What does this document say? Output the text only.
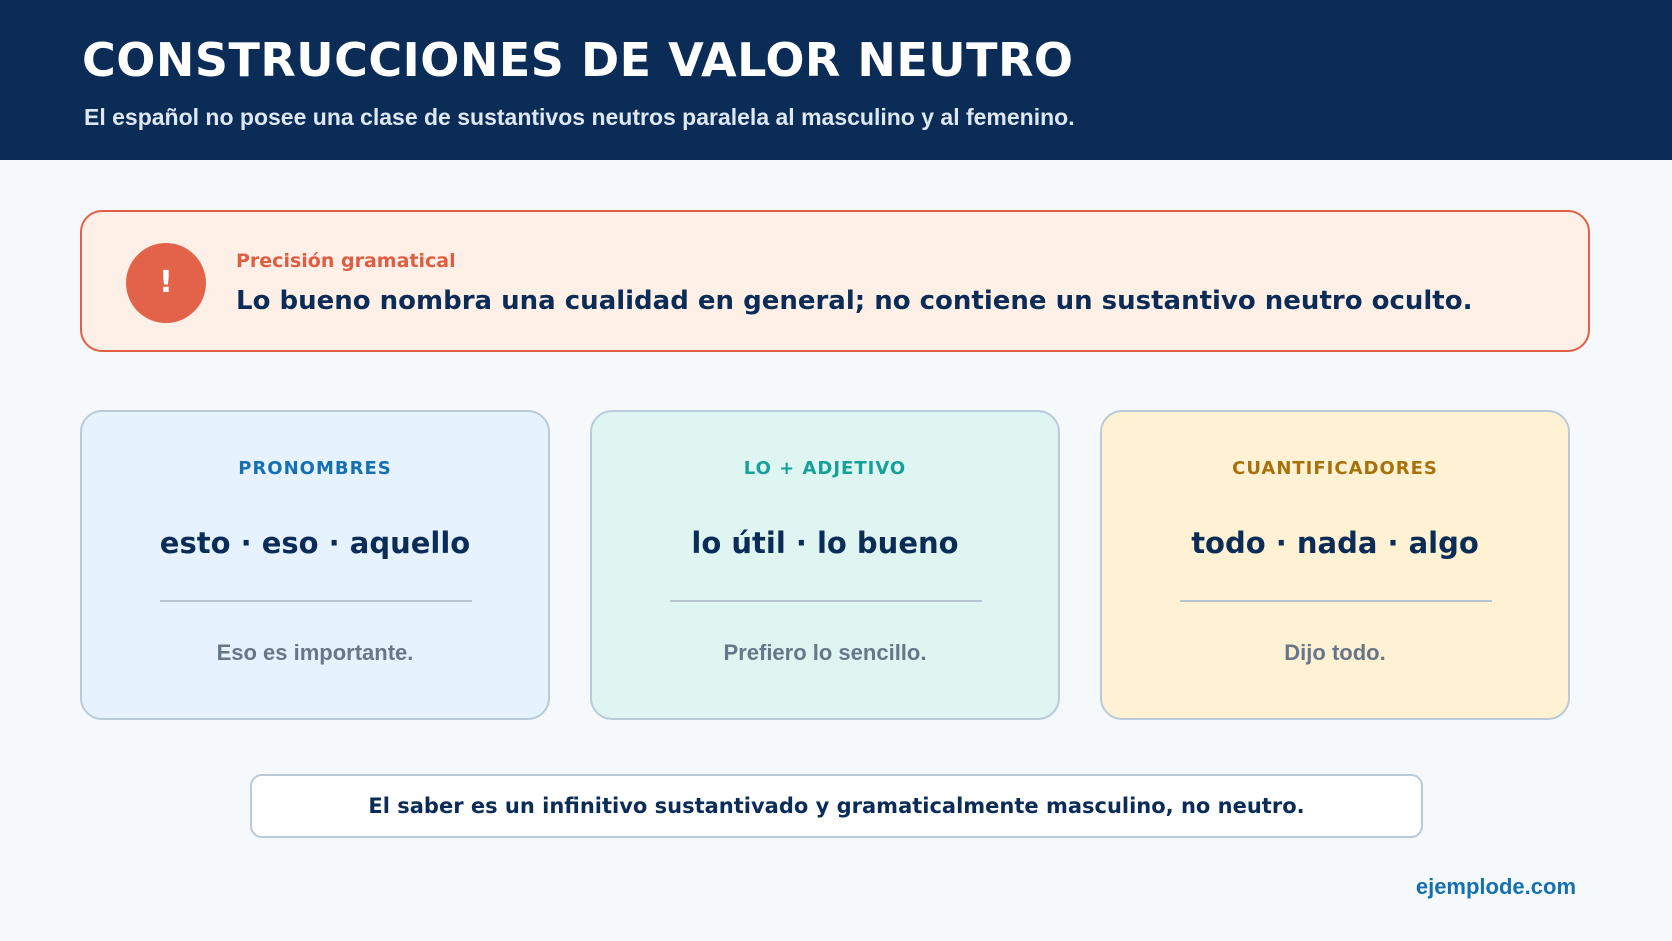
CONSTRUCCIONES DE VALOR NEUTRO

El español no posee una clase de sustantivos neutros paralela al masculino y al femenino.

!
Precisión gramatical
Lo bueno nombra una cualidad en general; no contiene un sustantivo neutro oculto.
PRONOMBRES
esto · eso · aquello
Eso es importante.
LO + ADJETIVO
lo útil · lo bueno
Prefiero lo sencillo.
CUANTIFICADORES
todo · nada · algo
Dijo todo.
El saber es un infinitivo sustantivado y gramaticalmente masculino, no neutro.
ejemplode.com
